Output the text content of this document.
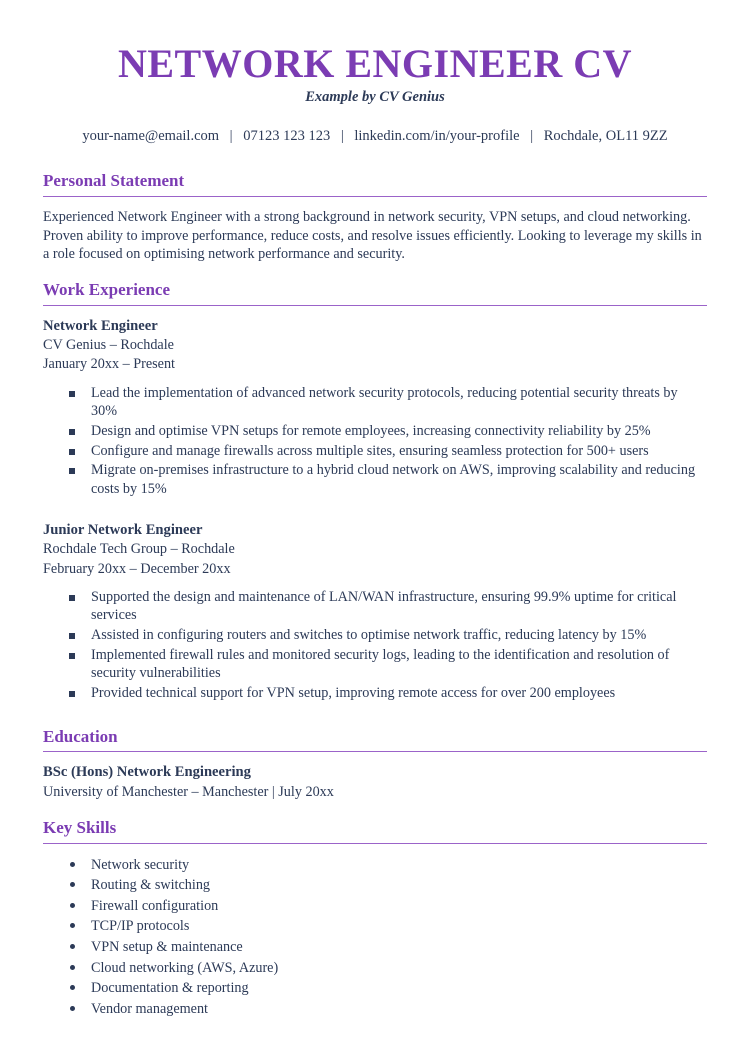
NETWORK ENGINEER CV
Example by CV Genius
your-name@email.com | 07123 123 123 | linkedin.com/in/your-profile | Rochdale, OL11 9ZZ
Personal Statement

Experienced Network Engineer with a strong background in network security, VPN setups, and cloud networking. Proven ability to improve performance, reduce costs, and resolve issues efficiently. Looking to leverage my skills in a role focused on optimising network performance and security.

Work Experience

Network Engineer

CV Genius – Rochdale

January 20xx – Present

Lead the implementation of advanced network security protocols, reducing potential security threats by 30%
Design and optimise VPN setups for remote employees, increasing connectivity reliability by 25%
Configure and manage firewalls across multiple sites, ensuring seamless protection for 500+ users
Migrate on-premises infrastructure to a hybrid cloud network on AWS, improving scalability and reducing costs by 15%

Junior Network Engineer

Rochdale Tech Group – Rochdale

February 20xx – December 20xx

Supported the design and maintenance of LAN/WAN infrastructure, ensuring 99.9% uptime for critical services
Assisted in configuring routers and switches to optimise network traffic, reducing latency by 15%
Implemented firewall rules and monitored security logs, leading to the identification and resolution of security vulnerabilities
Provided technical support for VPN setup, improving remote access for over 200 employees
Education

BSc (Hons) Network Engineering

University of Manchester – Manchester | July 20xx

Key Skills
Network security
Routing & switching
Firewall configuration
TCP/IP protocols
VPN setup & maintenance
Cloud networking (AWS, Azure)
Documentation & reporting
Vendor management
